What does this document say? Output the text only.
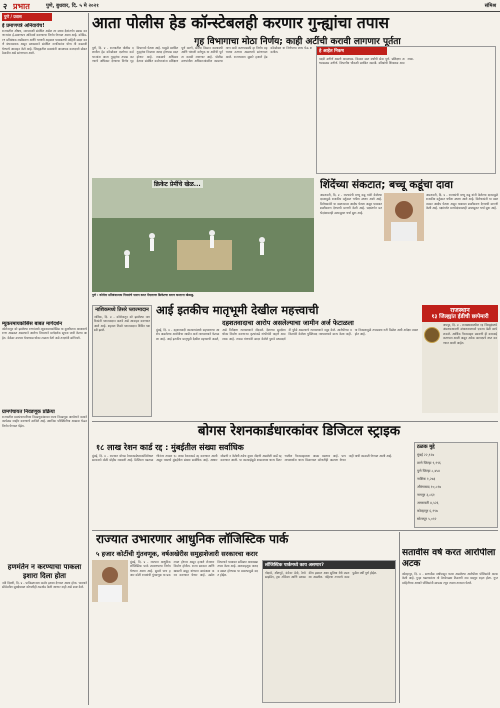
२ प्रभात	पुणे, बुधवार, दि. ५ मे २०२१	संमिश्र
पुणे / प्रवास
ई प्रमाणपत्रे अनिवार्यच!
राज्यातील औषध, व्यापाराशी संबंधित असेल तर सध्या देशांतर्गत प्रवास करणाऱ्यांना ई-प्रमाणपत्र अनिवार्य करण्याचा निर्णय घेण्यात आला आहे. कोविड-१९ प्रतिबंधक लसीकरण आणि चाचणी अहवाल याबाबतची माहिती सादर करणे बंधनकारक असून प्रशासनाने संबंधित नागरिकांना योग्य ती काळजी घेण्याचे आवाहन केले आहे. जिल्ह्यातील प्रवाशांनी आवश्यक कागदपत्रे सोबत ठेवावीत असे सांगण्यात आले.
म्युकरमायकोसिस बाबत मार्गदर्शन
कोरोनातून बरे झालेल्या रुग्णांमध्ये म्युकरमायकोसिस या बुरशीजन्य आजाराचे रुग्ण आढळत असल्याने आरोग्य विभागाने मार्गदर्शक सूचना जारी केल्या आहेत. वेळेवर उपचार घेतल्यास धोका टाळता येतो असे तज्ज्ञांनी सांगितले.
ग्रामपंचायत निवडणूक प्रक्रिया
राज्यातील ग्रामपंचायतींच्या निवडणुकांबाबत राज्य निवडणूक आयोगाने नव्याने कार्यक्रम जाहीर करण्याचे ठरविले आहे. स्थानिक परिस्थितीचा आढावा घेऊन निर्णय घेण्यात येईल.
हणमंतेन न करण्याचा पाकला इशारा दिला होता
नवी दिल्ली, दि. ४ - पाकिस्तानला कठोर इशारा देण्यात आला होता. भारताने सीमेवरील सुरक्षेबाबत कोणतीही तडजोड केली जाणार नाही असे स्पष्ट केले.
आता पोलीस हेड कॉन्स्टेबलही करणार गुन्ह्यांचा तपास
गृह विभागाचा मोठा निर्णय; काही अटींची करावी लागणार पूर्तता
पुणे, दि. ४ - राज्यातील पोलीस दलातील हेड कॉन्स्टेबल दर्जाच्या कर्मचाऱ्यांना आता गुन्ह्यांचा तपास करण्याचे अधिकार देण्याचा निर्णय गृह विभागाने घेतला आहे. यामुळे प्रलंबित गुन्ह्यांचा निपटारा जलद होण्यास मदत होणार आहे. तपासाचे अधिकार देताना संबंधित कर्मचाऱ्यांना प्रशिक्षण पूर्ण करणे, सेवेचा किमान कालावधी आणि चांगली वर्तणूक या अटींची पूर्तता करावी लागणार आहे. पोलीस ठाण्यांतील अधिकाऱ्यांवरील कामाचा ताण कमी करण्यासाठी हा निर्णय महत्त्वाचा ठरणार असल्याचे सांगण्यात आले. राज्यभरात सुमारे हजारो हेड कॉन्स्टेबल या निर्णयाचा लाभ घेऊ शकतील.	हे आहेत निकष
पदवी उत्तीर्ण असणे आवश्यक. किमान सात वर्षांची सेवा पूर्ण. प्रशिक्षण अभ्यासक्रम उत्तीर्ण. विभागीय चौकशी प्रलंबित नसावी. वरिष्ठांची शिफारस आवश्यक.
क्रिकेट प्रेमींचे खेळ...
पुणे : कोरोना प्रतिबंधात्मक नियमांचे पालन करत मैदानावर क्रिकेटचा सराव करताना खेळाडू.
शिंदेंच्या संकटात; बच्चू कडूंचा दावा
अमरावती, दि. ४ - राज्यमंत्री बच्चू कडू यांनी केलेल्या दाव्यामुळे राजकीय वर्तुळात चर्चेला उधाण आले आहे. विरोधकांनी या वक्तव्यावर आक्षेप घेतला असून याबाबत स्पष्टीकरण देण्याची मागणी केली आहे. पक्षांतर्गत मतभेदांबाबतही उलटसुलट चर्चा सुरू आहे.
अमरावती, दि. ४ - राज्यमंत्री बच्चू कडू यांनी केलेल्या दाव्यामुळे राजकीय वर्तुळात चर्चेला उधाण आले आहे. विरोधकांनी या वक्तव्यावर आक्षेप घेतला असून याबाबत स्पष्टीकरण देण्याची मागणी केली आहे. पक्षांतर्गत मतभेदांबाबतही उलटसुलट चर्चा सुरू आहे.
नाशिकमध्ये तिसरे प्लाज्मादान
नाशिक, दि. ४ - कोरोनातून बरे झालेल्या नागरिकांनी प्लाज्मादान करावे असे आवाहन करण्यात आले आहे. शहरात तिसरे प्लाज्मादान शिबिर यशस्वी झाले.
आई इतकीच मातृभूमी देखील महत्त्वाची
दहशतवादाचा आरोप असलेल्याचा जामीन अर्ज फेटाळला
मुंबई, दि. ४ - दहशतवादी कारवायांमध्ये सहभागाचा आरोप असलेल्या आरोपीचा जामीन अर्ज न्यायालयाने फेटाळला आहे. आई इतकीच मातृभूमी देखील महत्त्वाची असते, असे निरीक्षण न्यायालयाने नोंदवले. देशाच्या सुरक्षेला धोका निर्माण करणाऱ्या कृत्यांकडे गांभीर्याने पाहणे आवश्यक आहे. तपास यंत्रणांनी सादर केलेले पुरावे प्रथमदर्शनी पुरेसे असल्याचे न्यायालयाने नमूद केले. आरोपीच्या वकिलांनी केलेला युक्तिवाद न्यायालयाने मान्य केला नाही. या निकालामुळे तपासाला गती मिळेल अशी अपेक्षा व्यक्त होत आहे.
राजस्थान
१३ जिल्ह्यांत ईडीची छापेमारी
जयपूर, दि. ४ - राजस्थानमधील १३ जिल्ह्यांमध्ये अंमलबजावणी संचालनालयाने एकाच वेळी छापे टाकले. आर्थिक गैरव्यवहार प्रकरणी ही कारवाई करण्यात आली असून अनेक कागदपत्रे जप्त करण्यात आली आहेत.
बोगस रेशनकार्डधारकांवर डिजिटल स्ट्राइक
१८ लाख रेशन कार्ड रद्द : मुंबईतील संख्या सर्वाधिक
मुंबई, दि. ४ - राज्यात बोगस रेशनकार्डधारकांविरोधात सरकारने मोठी मोहीम राबवली आहे. डिजिटल पडताळणीनंतर तब्बल १८ लाख रेशनकार्ड रद्द करण्यात आली असून यामध्ये मुंबईतील संख्या सर्वाधिक आहे. आधार जोडणी न केलेली तसेच दुबार नोंदणी असलेली कार्डे रद्द करण्यात आली. या कारवाईमुळे शासनाच्या धान्य वितरणातील गैरव्यवहाराला आळा बसणार आहे. पात्र लाभार्थ्यांना धान्य मिळण्यात कोणतीही अडचण येणार नाही याची काळजी घेण्यात आली आहे.
ठळक मुद्दे
मुंबई २२,९२७
ठाणे जिल्हा ९,१९६
पुणे जिल्हा ८,४५४
नाशिक १,२७३
औरंगाबाद १०,८१७
नागपूर ३,८६१
अमरावती ४,५२६
कोल्हापूर ६,१९७
सोलापूर ५,०१२
राज्यात उभारणार आधुनिक लॉजिस्टिक पार्क
५ हजार कोटींची गुंतवणूक, वर्षअखेरीस समुहाशेजारी सरकारचा करार
मुंबई, दि. ४ - राज्यात आधुनिक लॉजिस्टिक पार्क उभारण्याचा निर्णय घेण्यात आला आहे. सुमारे पाच हजार कोटी रुपयांची गुंतवणूक या प्रकल्पात होणार असून हजारो रोजगार निर्माण होतील. राज्य सरकार आणि खासगी समूह यांच्यात सामंजस्य करार करण्यात येणार आहे. उद्योग विभागाने याबाबत सविस्तर आराखडा तयार केला आहे. मालवाहतूक जलद व स्वस्त होण्यास या प्रकल्पामुळे मदत होईल.
लॉजिस्टिक पार्कमध्ये काय असणार?
गोदामे, शीतगृहे, कंटेनर डेपो, रेल्वे साइडिंग, ट्रक टर्मिनल आणि प्रशासकीय इमारत अशा सुविधा येथे उपलब्ध असतील. पहिल्या टप्प्याचे काम पुढील वर्षी पूर्ण होईल.
सतावीस वर्ष करत आरोपीला अटक
कोल्हापूर, दि. ४ - सत्तावीस वर्षांपासून फरार असलेल्या आरोपीला पोलिसांनी अटक केली आहे. गुन्हा घडल्यानंतर तो वेगवेगळ्या ठिकाणी नाव बदलून राहत होता. गुप्त माहितीच्या आधारे पोलिसांनी सापळा रचून त्याला ताब्यात घेतले.
